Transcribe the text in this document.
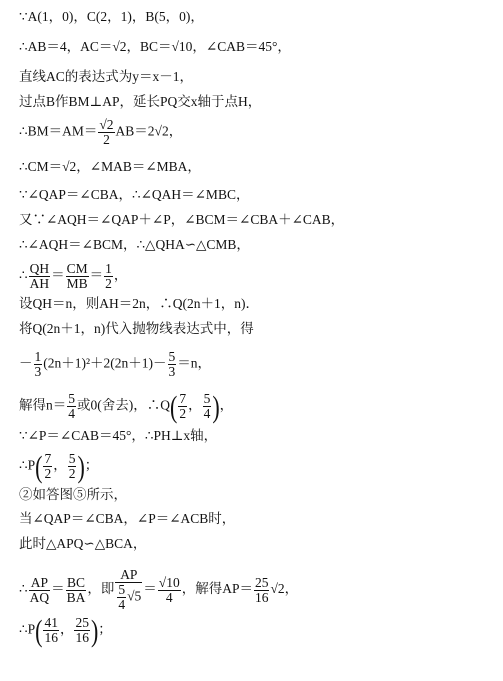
∵A(1，0)，C(2，1)，B(5，0)，
∴AB＝4，AC＝√2，BC＝√10，∠CAB＝45°，
直线AC的表达式为y＝x－1，
过点B作BM⊥AP，延长PQ交x轴于点H，
∴BM＝AM＝ $\frac{√2}{2} AB=2√2$，
∴CM＝√2，∠MAB＝∠MBA，
∵∠QAP＝∠CBA，∴∠QAH＝∠MBC，
又∵∠AQH＝∠QAP＋∠P，∠BCM＝∠CBA＋∠CAB，
∴∠AQH＝∠BCM，∴△QHA∽△CMB，
∴ $\frac{QH}{AH} = \frac{CM}{MB} = \frac{1}{2}$ ，
设QH＝n，则AH＝2n，∴Q(2n＋1，n)．
将Q(2n＋1，n)代入抛物线表达式中，得
－ $\frac{1}{3} (2n+1)^2+2(2n+1)- \frac{5}{3} =n$，
解得$n= \frac{5}{4}$ 或0(舍去)，∴Q( $\frac{7}{2}$ ， $\frac{5}{4}$ )，
∵∠P＝∠CAB＝45°，∴PH⊥x轴，
∴P( $\frac{7}{2}$ ， $\frac{5}{2}$ )；
②如答图⑤所示，
当∠QAP＝∠CBA，∠P＝∠ACB时，
此时△APQ∽△BCA，
∴ $\frac{AP}{AQ} = \frac{BC}{BA}$ ，即 $\frac{AP}{\frac{5}{4} √5} = \frac{√10}{4}$ ，解得$AP= \frac{25}{16} √2$，
∴P( $\frac{41}{16}$ ， $\frac{25}{16}$ )；
